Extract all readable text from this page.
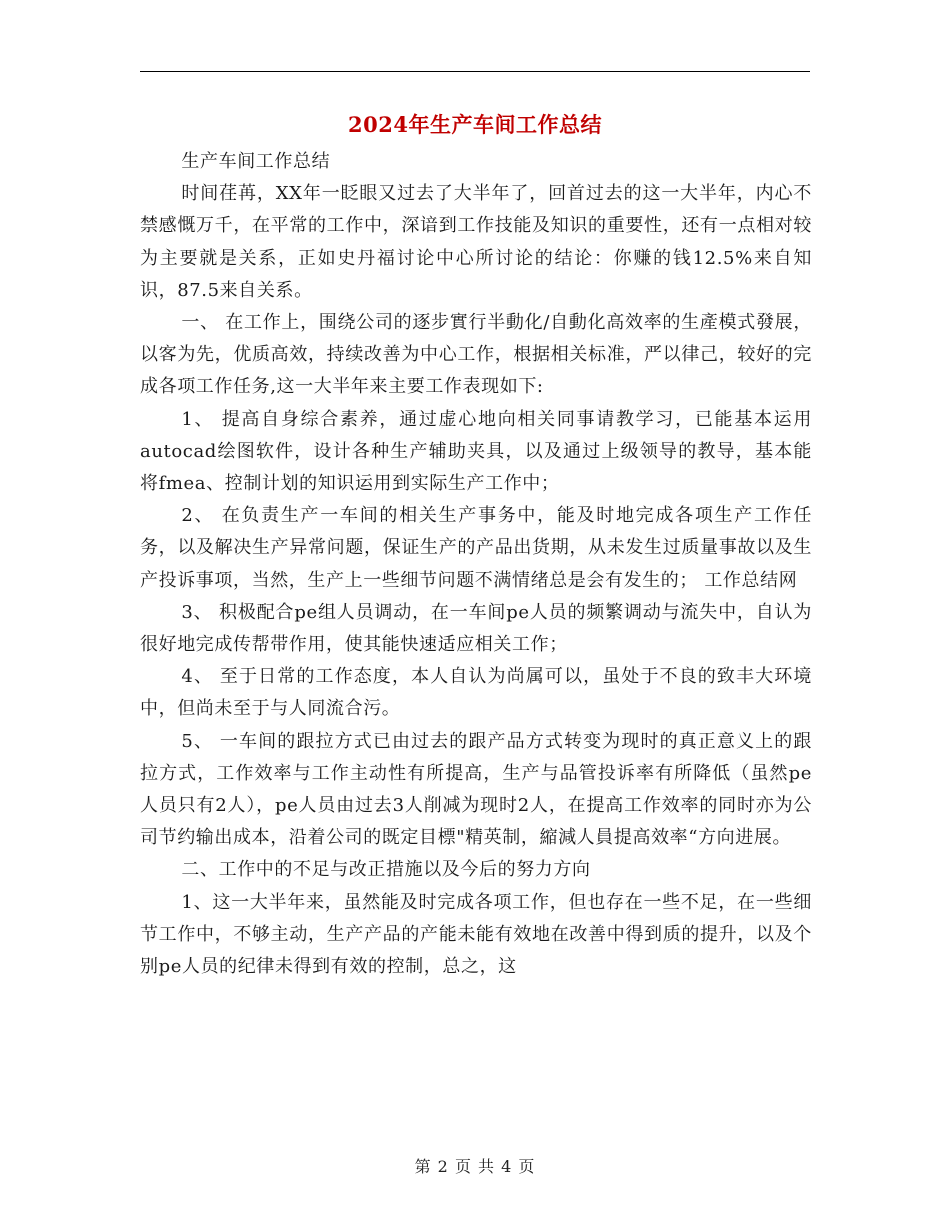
2024年生产车间工作总结

生产车间工作总结

时间荏苒，XX年一眨眼又过去了大半年了，回首过去的这一大半年，内心不禁感慨万千，在平常的工作中，深谙到工作技能及知识的重要性，还有一点相对较为主要就是关系，正如史丹福讨论中心所讨论的结论：你赚的钱12.5%来自知识，87.5来自关系。

一、 在工作上，围绕公司的逐步實行半動化/自動化高效率的生產模式發展，以客为先，优质高效，持续改善为中心工作，根据相关标准，严以律己，较好的完成各项工作任务,这一大半年来主要工作表现如下:

1、 提高自身综合素养，通过虚心地向相关同事请教学习，已能基本运用autocad绘图软件，设计各种生产辅助夹具，以及通过上级领导的教导，基本能将fmea、控制计划的知识运用到实际生产工作中；

2、 在负责生产一车间的相关生产事务中，能及时地完成各项生产工作任务，以及解决生产异常问题，保证生产的产品出货期，从未发生过质量事故以及生产投诉事项，当然，生产上一些细节问题不满情绪总是会有发生的； 工作总结网

3、 积极配合pe组人员调动，在一车间pe人员的频繁调动与流失中，自认为很好地完成传帮带作用，使其能快速适应相关工作；

4、 至于日常的工作态度，本人自认为尚属可以，虽处于不良的致丰大环境中，但尚未至于与人同流合污。

5、 一车间的跟拉方式已由过去的跟产品方式转变为现时的真正意义上的跟拉方式，工作效率与工作主动性有所提高，生产与品管投诉率有所降低（虽然pe人员只有2人），pe人员由过去3人削减为现时2人，在提高工作效率的同时亦为公司节约输出成本，沿着公司的既定目標"精英制，縮減人員提高效率“方向进展。

二、工作中的不足与改正措施以及今后的努力方向

1、这一大半年来，虽然能及时完成各项工作，但也存在一些不足，在一些细节工作中，不够主动，生产产品的产能未能有效地在改善中得到质的提升，以及个别pe人员的纪律未得到有效的控制，总之，这

第 2 页 共 4 页
